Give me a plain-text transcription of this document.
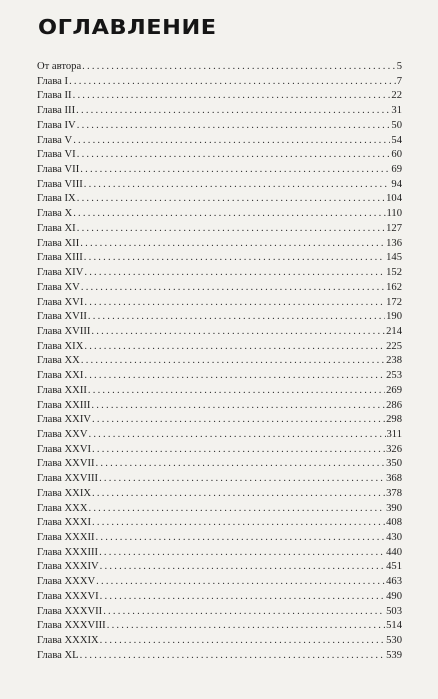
ОГЛАВЛЕНИЕ
От автора .....	5
Глава I .....	7
Глава II .....	22
Глава III .....	31
Глава IV .....	50
Глава V .....	54
Глава VI .....	60
Глава VII .....	69
Глава VIII .....	94
Глава IX .....	104
Глава X .....	110
Глава XI .....	127
Глава XII .....	136
Глава XIII .....	145
Глава XIV .....	152
Глава XV .....	162
Глава XVI .....	172
Глава XVII .....	190
Глава XVIII .....	214
Глава XIX .....	225
Глава XX .....	238
Глава XXI .....	253
Глава XXII .....	269
Глава XXIII .....	286
Глава XXIV .....	298
Глава XXV .....	311
Глава XXVI .....	326
Глава XXVII .....	350
Глава XXVIII .....	368
Глава XXIX .....	378
Глава XXX .....	390
Глава XXXI .....	408
Глава XXXII .....	430
Глава XXXIII .....	440
Глава XXXIV .....	451
Глава XXXV .....	463
Глава XXXVI .....	490
Глава XXXVII .....	503
Глава XXXVIII .....	514
Глава XXXIX .....	530
Глава XL .....	539
